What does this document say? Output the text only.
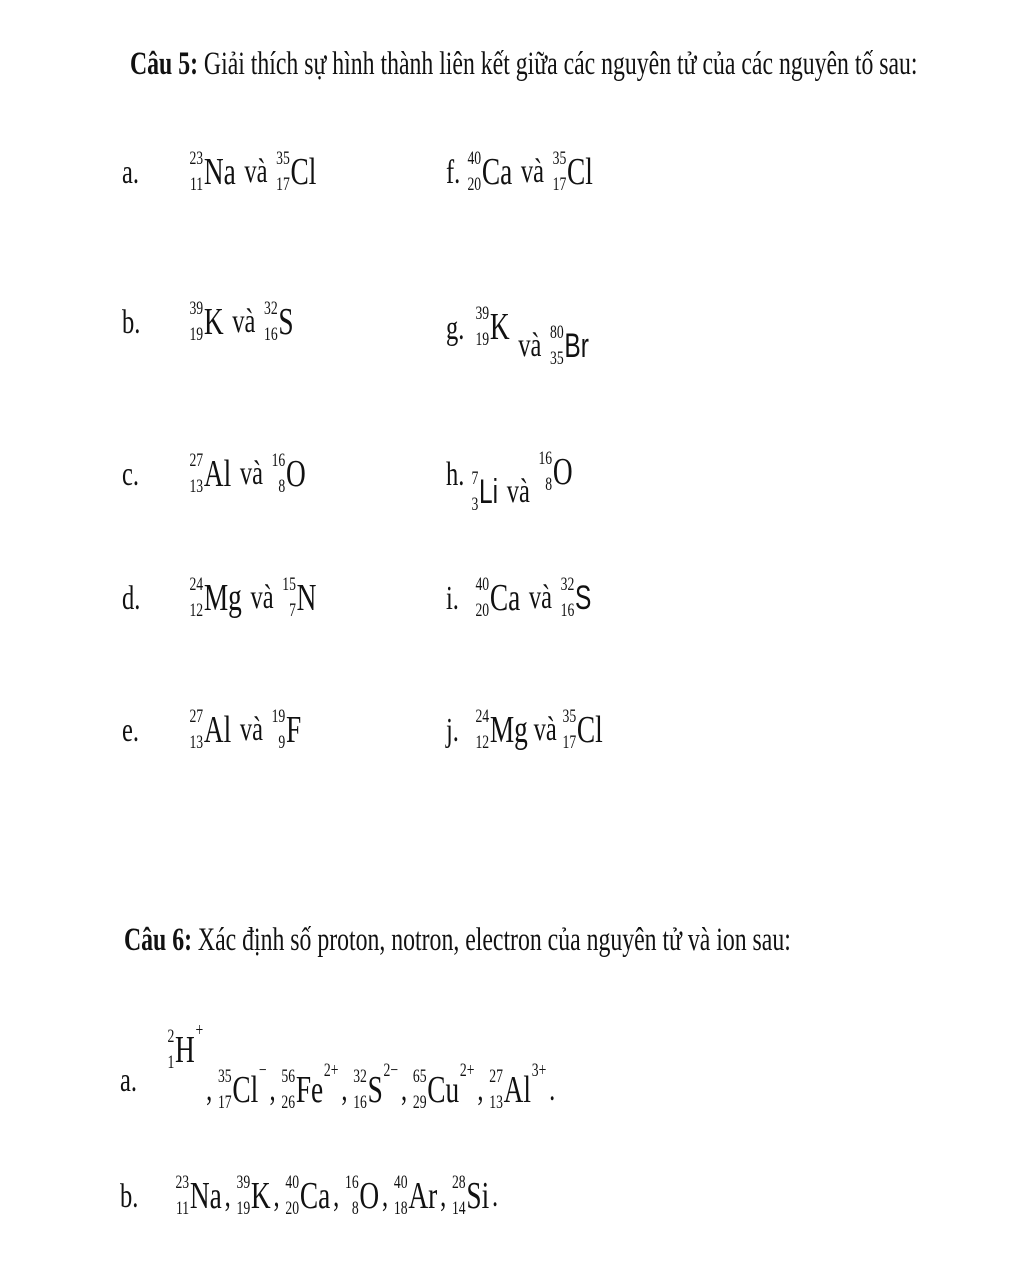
Câu 5: Giải thích sự hình thành liên kết giữa các nguyên tử của các nguyên tố sau:
a.	23
11 Na và 35
17 Cl
b.	39
19 K và 32
16 S
c.	27
13 Al và 16
8 O
d.	24
12 Mg và 15
7 N
e.	27
13 Al và 19
9 F
f. 40
20 Ca và 35
17 Cl
g. 39
19 K và 80
35 Br
h. 7
3 Li và
16
8 O
i. 40
20 Ca và 32
16 S
j. 24
12 Mg và 35
17 Cl
Câu 6: Xác định số proton, notron, electron của nguyên tử và ion sau:
a.
2
1 H +
, 35
17 Cl −
, 56
26 Fe 2+
, 32
16 S 2−
, 65
29 Cu 2+
, 27
13 Al 3+
.
b. 23
11 Na , 39
19 K , 40
20 Ca , 16
8 O , 40
18 Ar , 28
14 Si .
